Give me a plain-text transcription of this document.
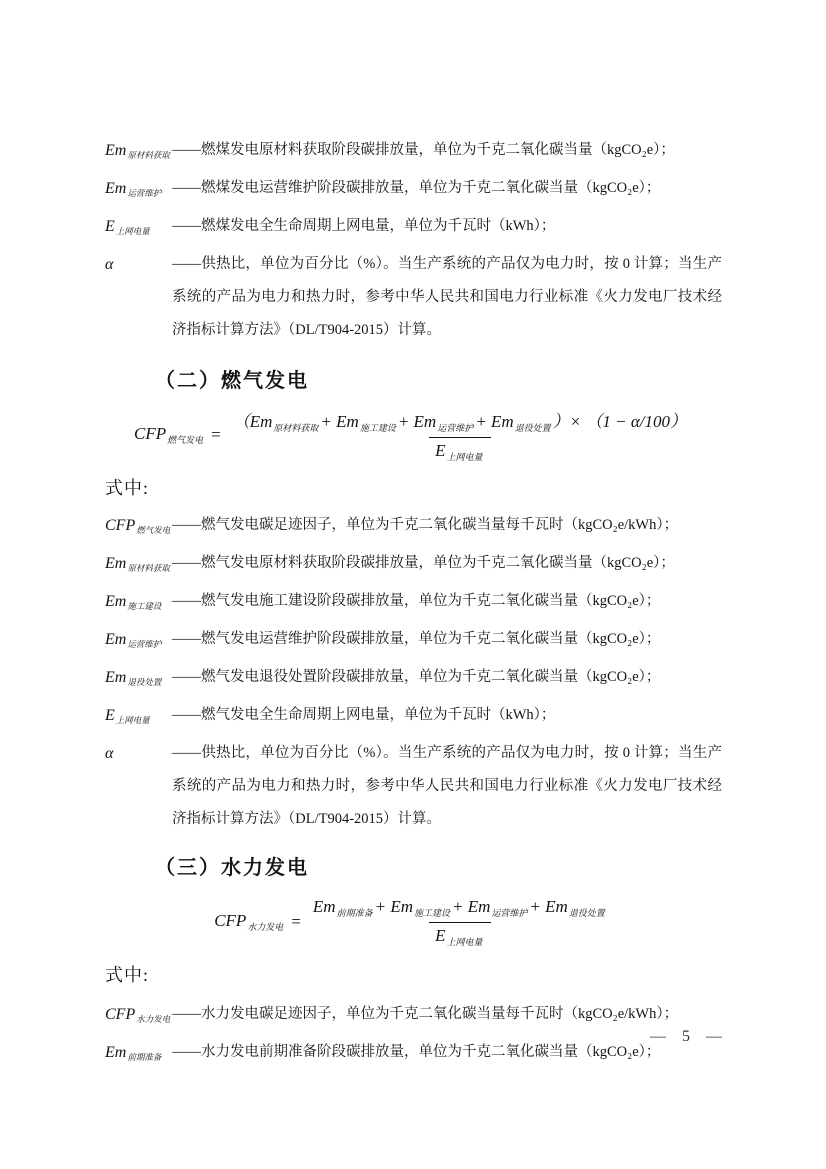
$Em_{原材料获取}$ ——燃煤发电原材料获取阶段碳排放量，单位为千克二氧化碳当量（kgCO₂e）；
$Em_{运营维护}$ ——燃煤发电运营维护阶段碳排放量，单位为千克二氧化碳当量（kgCO₂e）；
$E_{上网电量}$	——燃煤发电全生命周期上网电量，单位为千瓦时（kWh）；
α	——供热比，单位为百分比（%）。当生产系统的产品仅为电力时，按 0 计算；当生产系统的产品为电力和热力时，参考中华人民共和国电力行业标准《火力发电厂技术经济指标计算方法》（DL/T904-2015）计算。
（二）燃气发电
$CFP_{燃气发电} = \frac{(Em_{原材料获取} + Em_{施工建设} + Em_{运营维护} + Em_{退役处置} )\times (1 - \alpha/100)}{E_{上网电量}}$
式中:
$CFP_{燃气发电}$ ——燃气发电碳足迹因子，单位为千克二氧化碳当量每千瓦时（kgCO₂e/kWh）；
$Em_{原材料获取}$ ——燃气发电原材料获取阶段碳排放量，单位为千克二氧化碳当量（kgCO₂e）；
$Em_{施工建设}$ ——燃气发电施工建设阶段碳排放量，单位为千克二氧化碳当量（kgCO₂e）；
$Em_{运营维护}$ ——燃气发电运营维护阶段碳排放量，单位为千克二氧化碳当量（kgCO₂e）；
$Em_{退役处置}$ ——燃气发电退役处置阶段碳排放量，单位为千克二氧化碳当量（kgCO₂e）；
$E_{上网电量}$	——燃气发电全生命周期上网电量，单位为千瓦时（kWh）；
α	——供热比，单位为百分比（%）。当生产系统的产品仅为电力时，按 0 计算；当生产系统的产品为电力和热力时，参考中华人民共和国电力行业标准《火力发电厂技术经济指标计算方法》（DL/T904-2015）计算。
（三）水力发电
$CFP_{水力发电} = \frac{Em_{前期准备} + Em_{施工建设} + Em_{运营维护} + Em_{退役处置}}{E_{上网电量}}$
式中:
$CFP_{水力发电}$ ——水力发电碳足迹因子，单位为千克二氧化碳当量每千瓦时（kgCO₂e/kWh）；
$Em_{前期准备}$ ——水力发电前期准备阶段碳排放量，单位为千克二氧化碳当量（kgCO₂e）；
— 5 —
